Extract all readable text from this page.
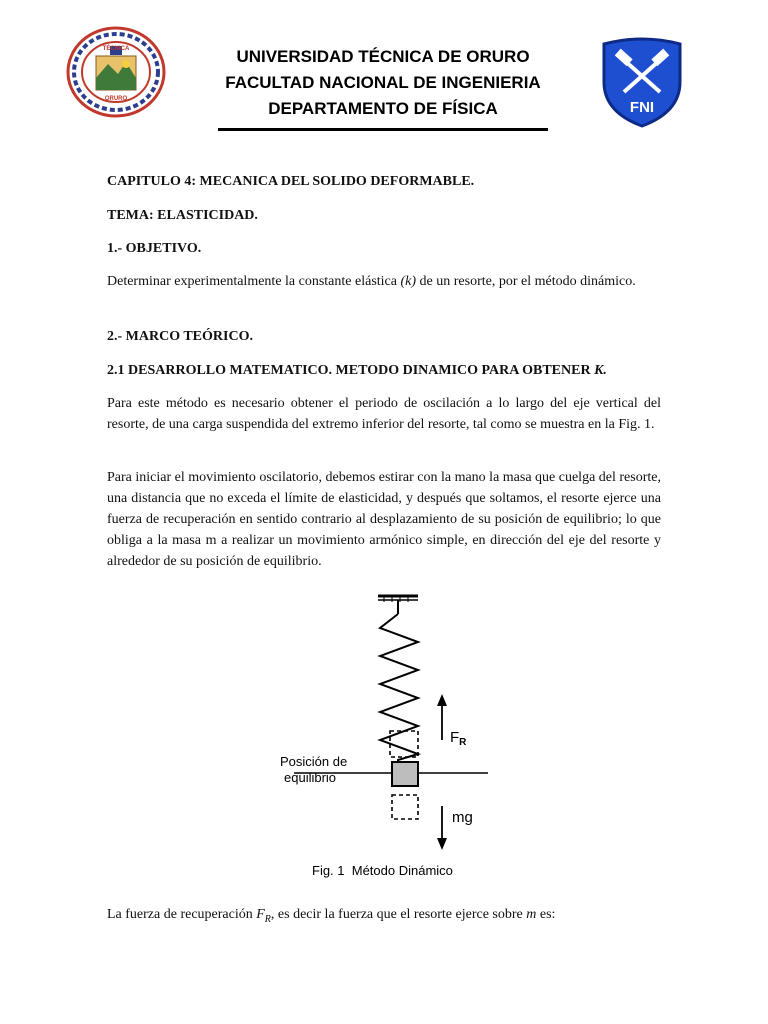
TÉCNICA
ORURO
UNIVERSIDAD TÉCNICA DE ORURO
FACULTAD NACIONAL DE INGENIERIA
DEPARTAMENTO DE FÍSICA	FNI
CAPITULO 4: MECANICA DEL SOLIDO DEFORMABLE.
TEMA: ELASTICIDAD.
1.- OBJETIVO.
Determinar experimentalmente la constante elástica (k) de un resorte, por el método dinámico.
2.- MARCO TEÓRICO.
2.1 DESARROLLO MATEMATICO. METODO DINAMICO PARA OBTENER K.
Para este método es necesario obtener el periodo de oscilación a lo largo del eje vertical del resorte, de una carga suspendida del extremo inferior del resorte, tal como se muestra en la Fig. 1.
Para iniciar el movimiento oscilatorio, debemos estirar con la mano la masa que cuelga del resorte, una distancia que no exceda el límite de elasticidad, y después que soltamos, el resorte ejerce una fuerza de recuperación en sentido contrario al desplazamiento de su posición de equilibrio; lo que obliga a la masa m a realizar un movimiento armónico simple, en dirección del eje del resorte y alrededor de su posición de equilibrio.
$F_R$
mg
Posición de
equilibrio
Fig. 1  Método Dinámico
La fuerza de recuperación $F_R$, es decir la fuerza que el resorte ejerce sobre m es:
